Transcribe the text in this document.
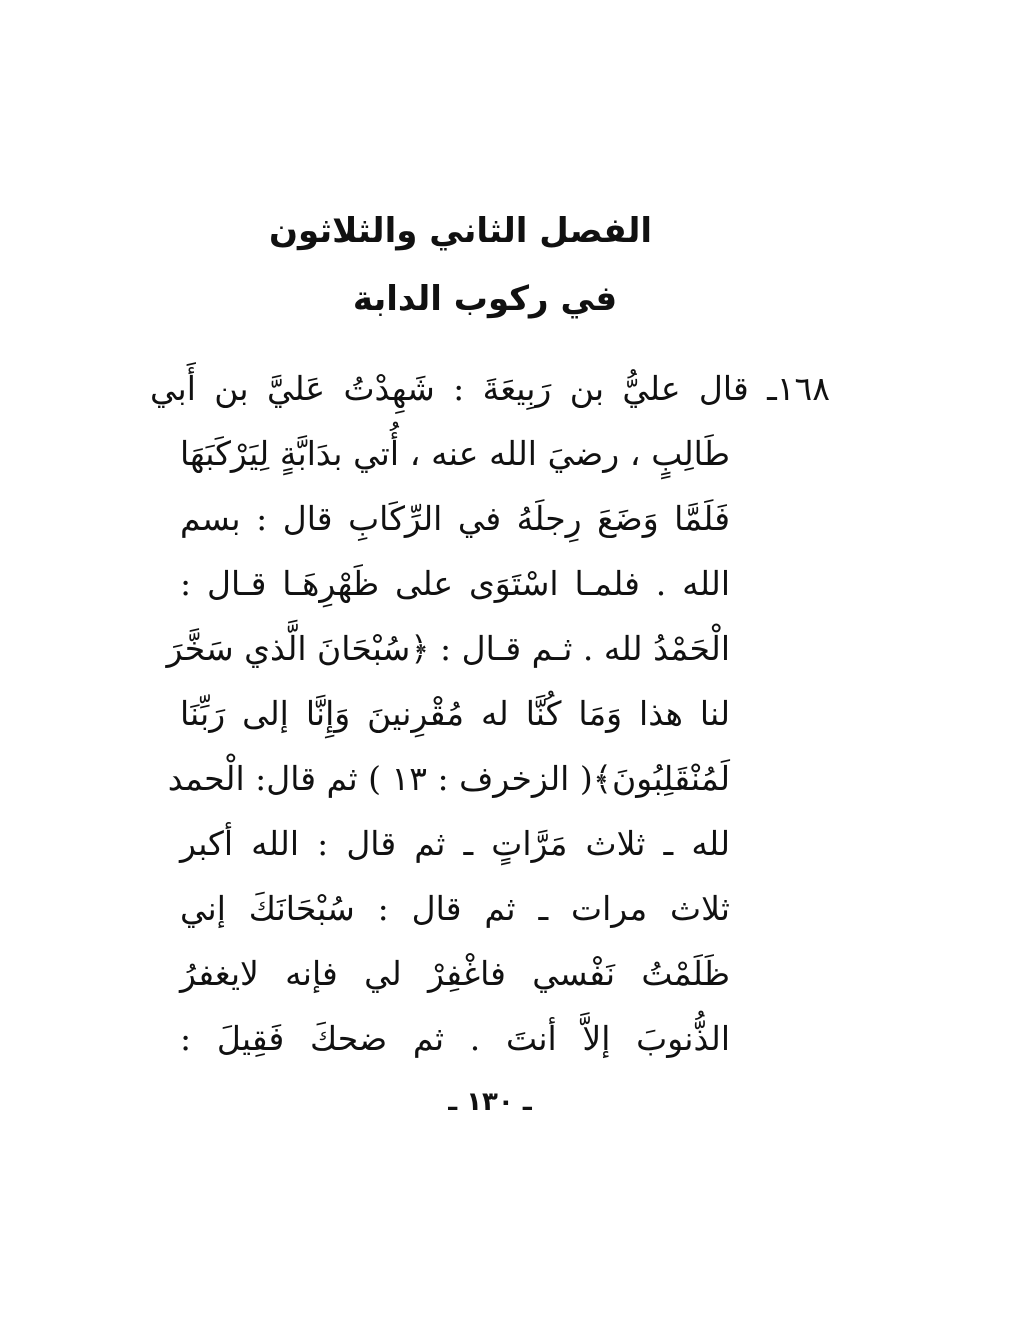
الفصل الثاني والثلاثون
في ركوب الدابة
١٦٨ـ قال عليُّ بن رَبِيعَةَ : شَهِدْتُ عَليَّ بن أَبي
طَالِبٍ ، رضيَ الله عنه ، أُتي بدَابَّةٍ لِيَرْكَبَهَا
فَلَمَّا وَضَعَ رِجلَهُ في الرِّكَابِ قال : بسم
الله . فلمـا اسْتَوَى على ظَهْرِهَـا قـال :
الْحَمْدُ لله . ثـم قـال : ﴿سُبْحَانَ الَّذي سَخَّرَ
لنا هذا وَمَا كُنَّا له مُقْرِنينَ وَإِنَّا إلى رَبِّنَا
لَمُنْقَلِبُونَ﴾( الزخرف : ١٣ ) ثم قال: الْحمد
لله ـ ثلاث مَرَّاتٍ ـ ثم قال : الله أكبر
ثلاث مرات ـ ثم قال : سُبْحَانَكَ إني
ظَلَمْتُ نَفْسي فاغْفِرْ لي فإنه لايغفرُ
الذُّنوبَ إلاَّ أنتَ . ثم ضحكَ فَقِيلَ :
ـ ١٣٠ ـ
